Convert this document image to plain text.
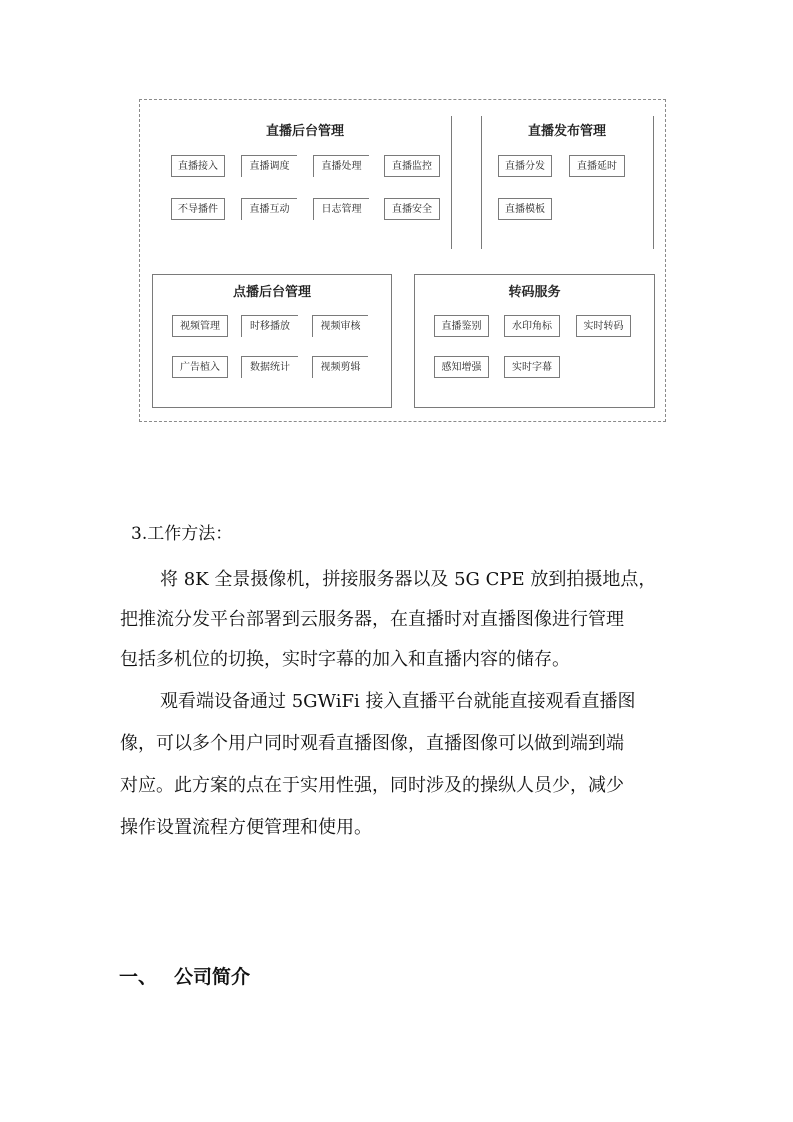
直播后台管理
直播接入	直播调度	直播处理	直播监控
不导播件	直播互动	日志管理	直播安全
直播发布管理
直播分发	直播延时
直播模板
点播后台管理
视频管理	时移播放	视频审核
广告植入	数据统计	视频剪辑
转码服务
直播鉴别	水印角标	实时转码
感知增强	实时字幕
3.工作方法：
将 8K 全景摄像机，拼接服务器以及 5G CPE 放到拍摄地点，
把推流分发平台部署到云服务器，在直播时对直播图像进行管理
包括多机位的切换，实时字幕的加入和直播内容的储存。
观看端设备通过 5GWiFi 接入直播平台就能直接观看直播图
像，可以多个用户同时观看直播图像，直播图像可以做到端到端
对应。此方案的点在于实用性强，同时涉及的操纵人员少，减少
操作设置流程方便管理和使用。
一、 公司简介
